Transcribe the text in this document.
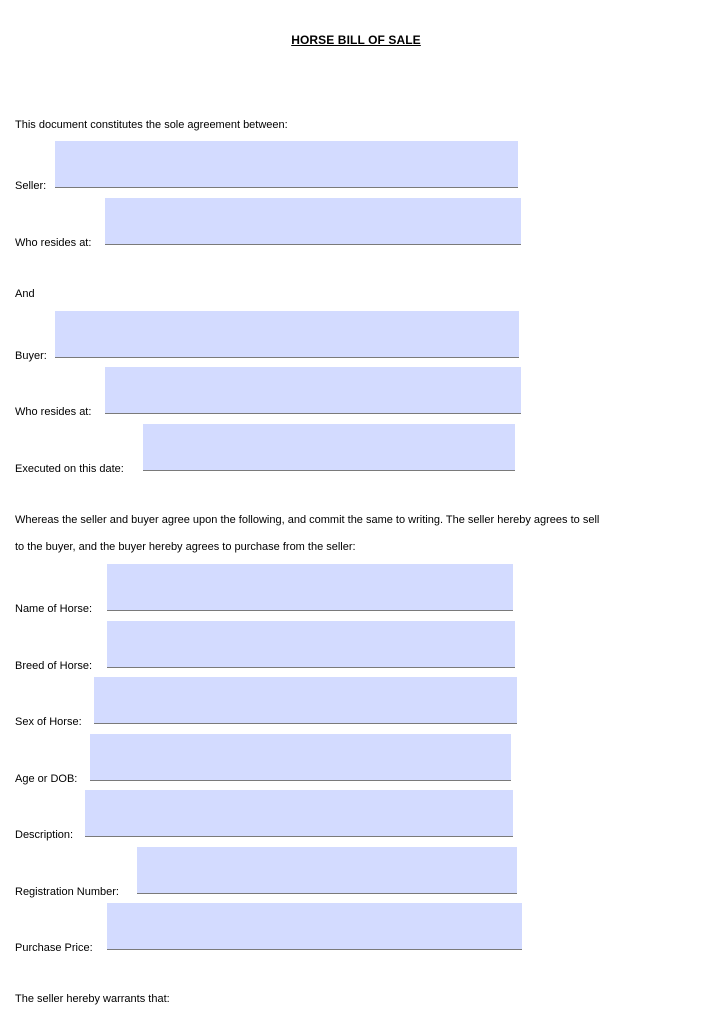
HORSE BILL OF SALE
This document constitutes the sole agreement between:
Seller:
Who resides at:
And
Buyer:
Who resides at:
Executed on this date:
Whereas the seller and buyer agree upon the following, and commit the same to writing. The seller hereby agrees to sell
to the buyer, and the buyer hereby agrees to purchase from the seller:
Name of Horse:
Breed of Horse:
Sex of Horse:
Age or DOB:
Description:
Registration Number:
Purchase Price:
The seller hereby warrants that:
